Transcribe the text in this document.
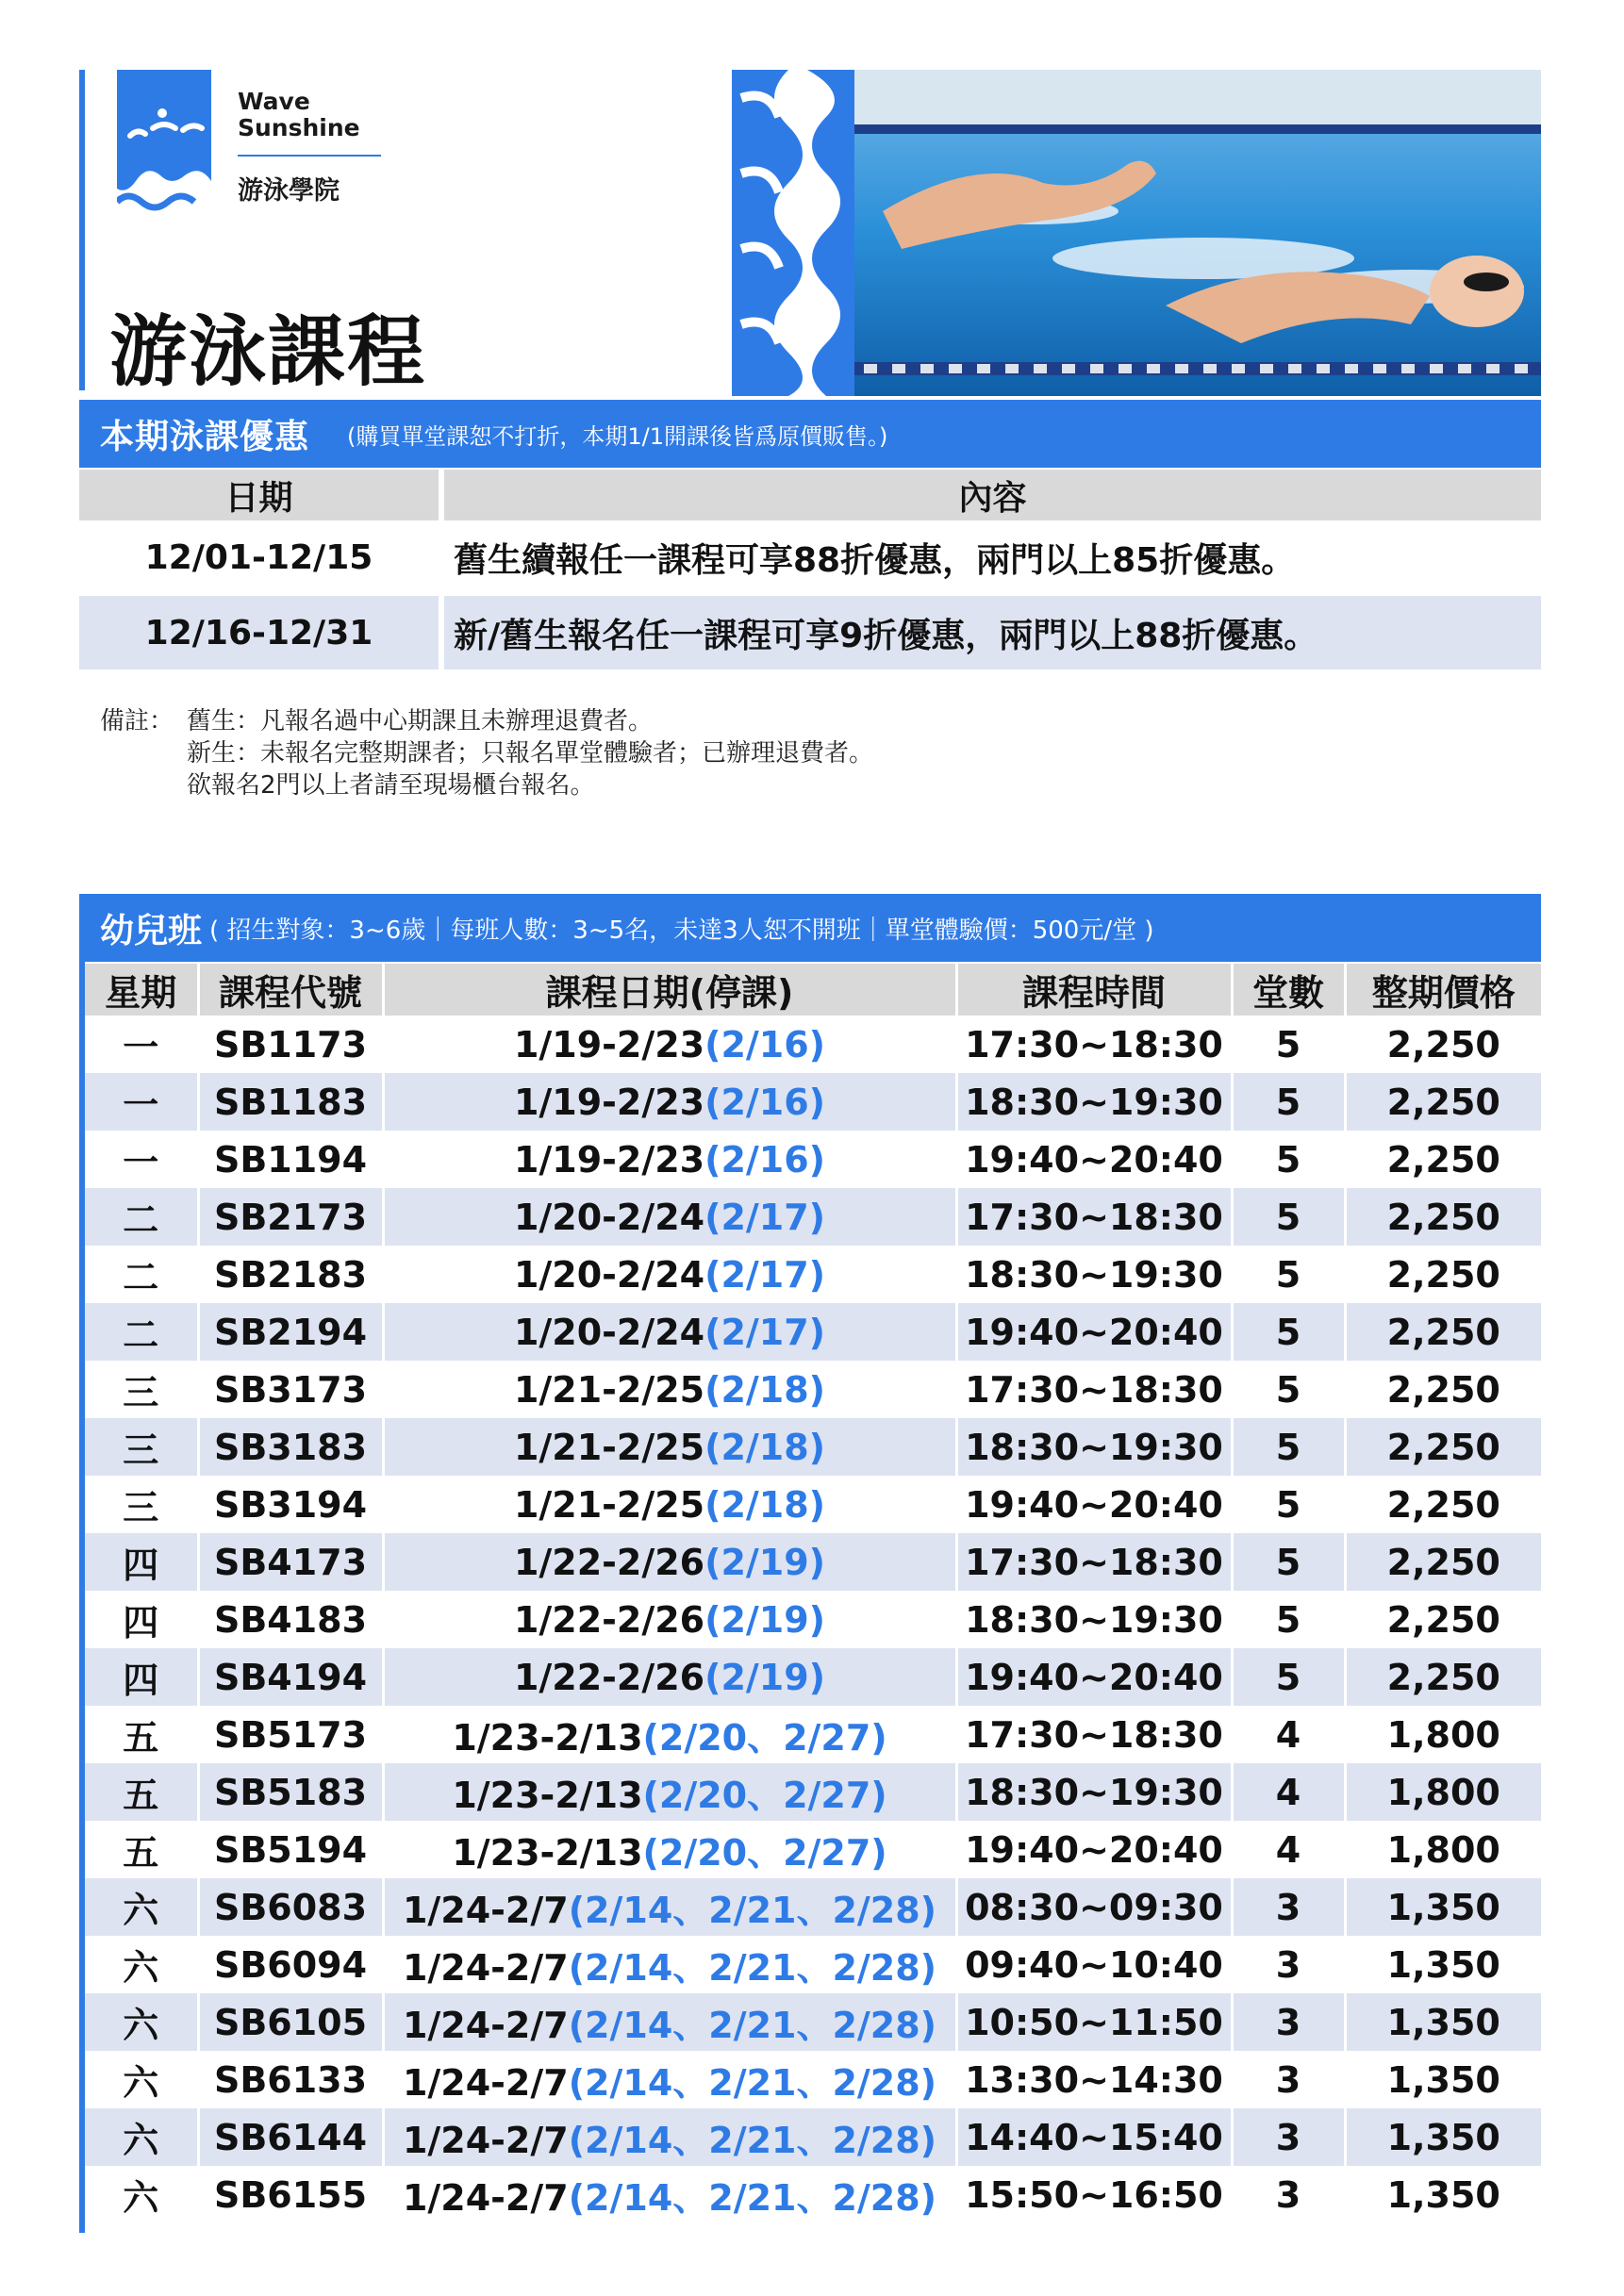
Wave
Sunshine
游泳學院
游泳課程
本期泳課優惠 (購買單堂課恕不打折，本期1/1開課後皆爲原價販售。)
日期	內容
12/01-12/15	舊生續報任一課程可享88折優惠，兩門以上85折優惠。

12/16-12/31	新/舊生報名任一課程可享9折優惠，兩門以上88折優惠。
備註： 舊生：凡報名過中心期課且未辦理退費者。
新生：未報名完整期課者；只報名單堂體驗者；已辦理退費者。
欲報名2門以上者請至現場櫃台報名。
幼兒班 ( 招生對象：3~6歲｜每班人數：3~5名，未達3人恕不開班｜單堂體驗價：500元/堂 )
星期	課程代號	課程日期(停課)	課程時間	堂數	整期價格
一	SB1173	1/19-2/23(2/16)	17:30~18:30	5	2,250
一	SB1183	1/19-2/23(2/16)	18:30~19:30	5	2,250
一	SB1194	1/19-2/23(2/16)	19:40~20:40	5	2,250
二	SB2173	1/20-2/24(2/17)	17:30~18:30	5	2,250
二	SB2183	1/20-2/24(2/17)	18:30~19:30	5	2,250
二	SB2194	1/20-2/24(2/17)	19:40~20:40	5	2,250
三	SB3173	1/21-2/25(2/18)	17:30~18:30	5	2,250
三	SB3183	1/21-2/25(2/18)	18:30~19:30	5	2,250
三	SB3194	1/21-2/25(2/18)	19:40~20:40	5	2,250
四	SB4173	1/22-2/26(2/19)	17:30~18:30	5	2,250
四	SB4183	1/22-2/26(2/19)	18:30~19:30	5	2,250
四	SB4194	1/22-2/26(2/19)	19:40~20:40	5	2,250
五	SB5173	1/23-2/13(2/20、2/27)	17:30~18:30	4	1,800
五	SB5183	1/23-2/13(2/20、2/27)	18:30~19:30	4	1,800
五	SB5194	1/23-2/13(2/20、2/27)	19:40~20:40	4	1,800
六	SB6083	1/24-2/7(2/14、2/21、2/28)	08:30~09:30	3	1,350
六	SB6094	1/24-2/7(2/14、2/21、2/28)	09:40~10:40	3	1,350
六	SB6105	1/24-2/7(2/14、2/21、2/28)	10:50~11:50	3	1,350
六	SB6133	1/24-2/7(2/14、2/21、2/28)	13:30~14:30	3	1,350
六	SB6144	1/24-2/7(2/14、2/21、2/28)	14:40~15:40	3	1,350
六	SB6155	1/24-2/7(2/14、2/21、2/28)	15:50~16:50	3	1,350
